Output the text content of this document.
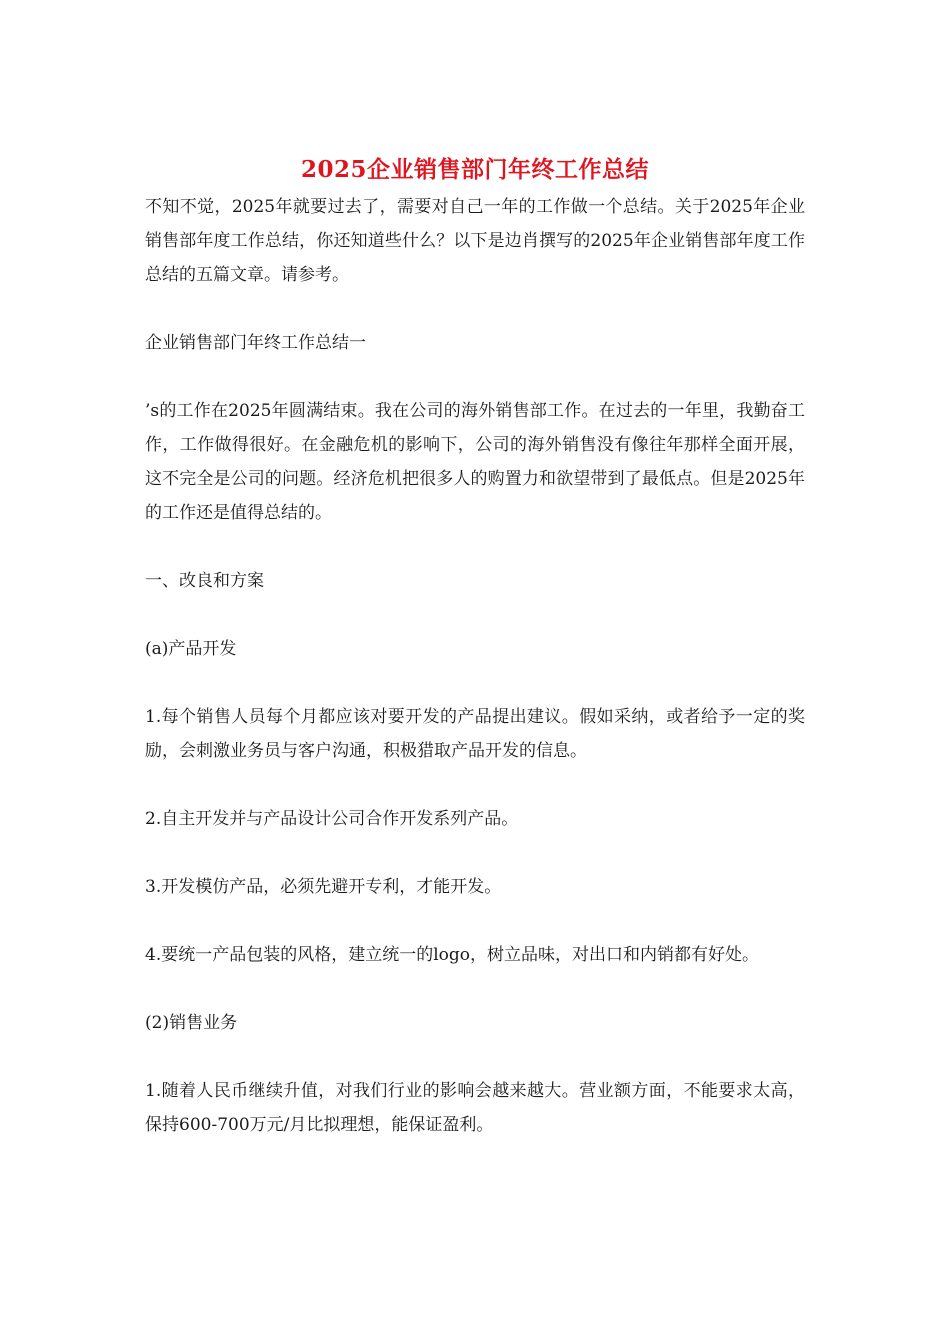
2025企业销售部门年终工作总结

不知不觉，2025年就要过去了，需要对自己一年的工作做一个总结。关于2025年企业销售部年度工作总结，你还知道些什么？以下是边肖撰写的2025年企业销售部年度工作总结的五篇文章。请参考。

企业销售部门年终工作总结一

’s的工作在2025年圆满结束。我在公司的海外销售部工作。在过去的一年里，我勤奋工作，工作做得很好。在金融危机的影响下，公司的海外销售没有像往年那样全面开展，这不完全是公司的问题。经济危机把很多人的购置力和欲望带到了最低点。但是2025年的工作还是值得总结的。

一、改良和方案

(a)产品开发

1.每个销售人员每个月都应该对要开发的产品提出建议。假如采纳，或者给予一定的奖励，会刺激业务员与客户沟通，积极猎取产品开发的信息。

2.自主开发并与产品设计公司合作开发系列产品。

3.开发模仿产品，必须先避开专利，才能开发。

4.要统一产品包装的风格，建立统一的logo，树立品味，对出口和内销都有好处。

(2)销售业务

1.随着人民币继续升值，对我们行业的影响会越来越大。营业额方面，不能要求太高，保持600-700万元/月比拟理想，能保证盈利。
